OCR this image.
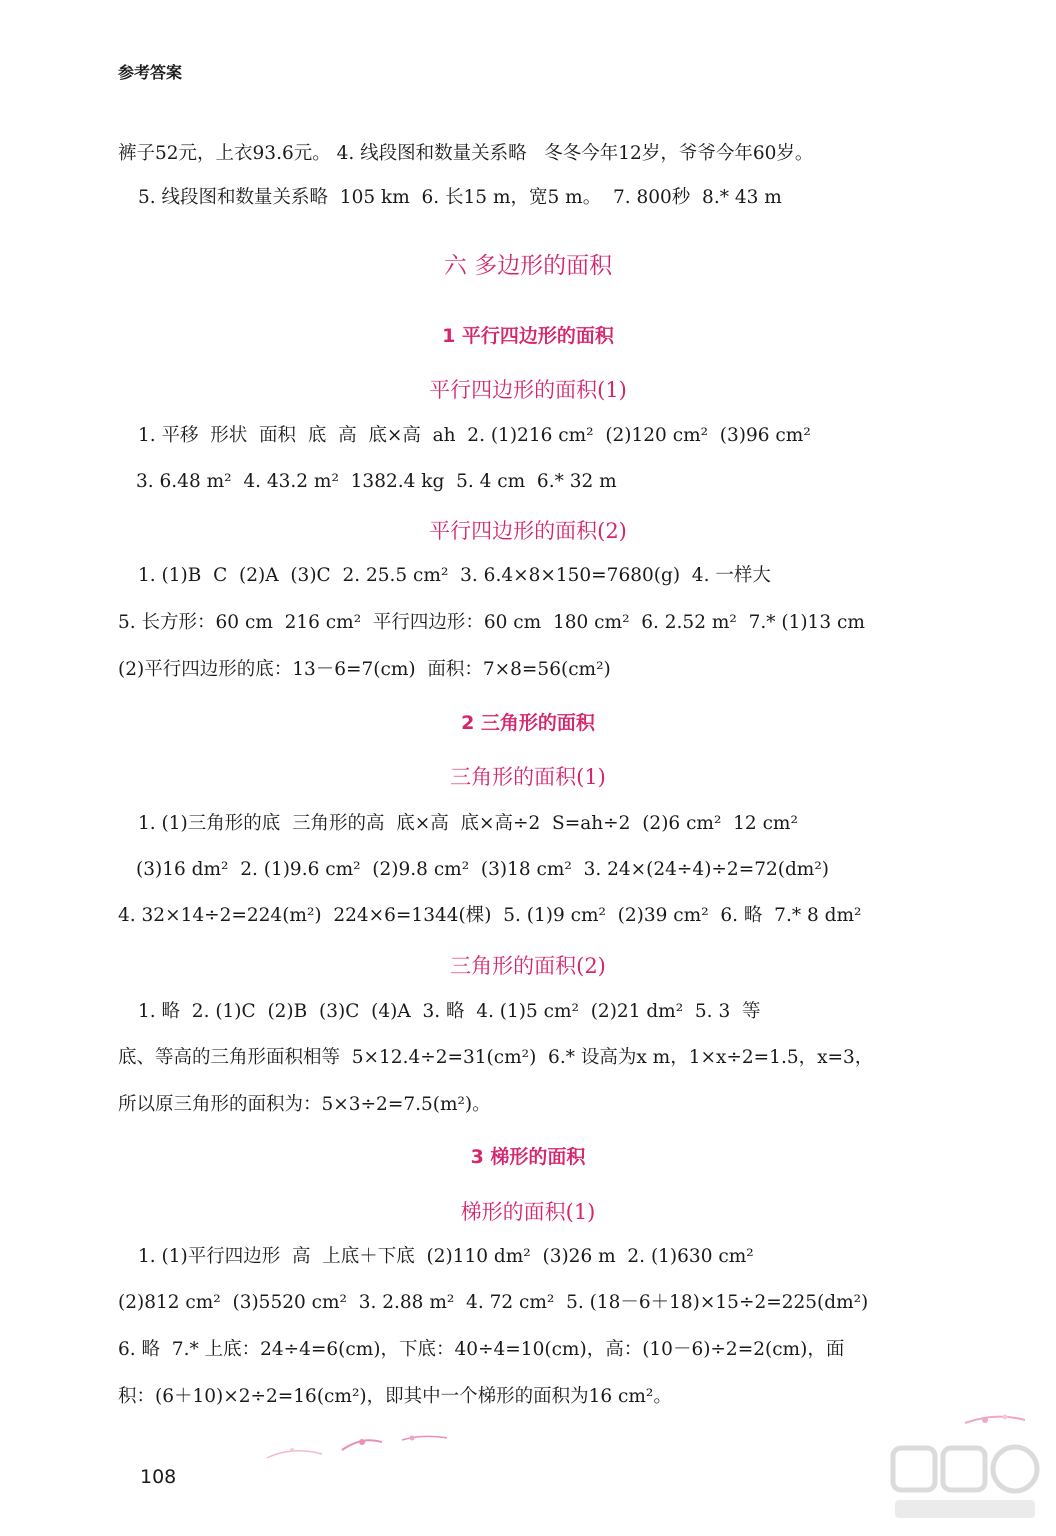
参考答案
裤子52元，上衣93.6元。 4. 线段图和数量关系略   冬冬今年12岁，爷爷今年60岁。
5. 线段图和数量关系略  105 km  6. 长15 m，宽5 m。  7. 800秒  8.* 43 m
六 多边形的面积
1 平行四边形的面积
平行四边形的面积(1)
1. 平移  形状  面积  底  高  底×高  ah  2. (1)216 cm²  (2)120 cm²  (3)96 cm²
3. 6.48 m²  4. 43.2 m²  1382.4 kg  5. 4 cm  6.* 32 m
平行四边形的面积(2)
1. (1)B  C  (2)A  (3)C  2. 25.5 cm²  3. 6.4×8×150=7680(g)  4. 一样大
5. 长方形：60 cm  216 cm²  平行四边形：60 cm  180 cm²  6. 2.52 m²  7.* (1)13 cm
(2)平行四边形的底：13－6=7(cm)  面积：7×8=56(cm²)
2 三角形的面积
三角形的面积(1)
1. (1)三角形的底  三角形的高  底×高  底×高÷2  S=ah÷2  (2)6 cm²  12 cm²
(3)16 dm²  2. (1)9.6 cm²  (2)9.8 cm²  (3)18 cm²  3. 24×(24÷4)÷2=72(dm²)
4. 32×14÷2=224(m²)  224×6=1344(棵)  5. (1)9 cm²  (2)39 cm²  6. 略  7.* 8 dm²
三角形的面积(2)
1. 略  2. (1)C  (2)B  (3)C  (4)A  3. 略  4. (1)5 cm²  (2)21 dm²  5. 3  等
底、等高的三角形面积相等  5×12.4÷2=31(cm²)  6.* 设高为x m，1×x÷2=1.5，x=3，
所以原三角形的面积为：5×3÷2=7.5(m²)。
3 梯形的面积
梯形的面积(1)
1. (1)平行四边形  高  上底＋下底  (2)110 dm²  (3)26 m  2. (1)630 cm²
(2)812 cm²  (3)5520 cm²  3. 2.88 m²  4. 72 cm²  5. (18－6＋18)×15÷2=225(dm²)
6. 略  7.* 上底：24÷4=6(cm)，下底：40÷4=10(cm)，高：(10－6)÷2=2(cm)，面
积：(6＋10)×2÷2=16(cm²)，即其中一个梯形的面积为16 cm²。
108
